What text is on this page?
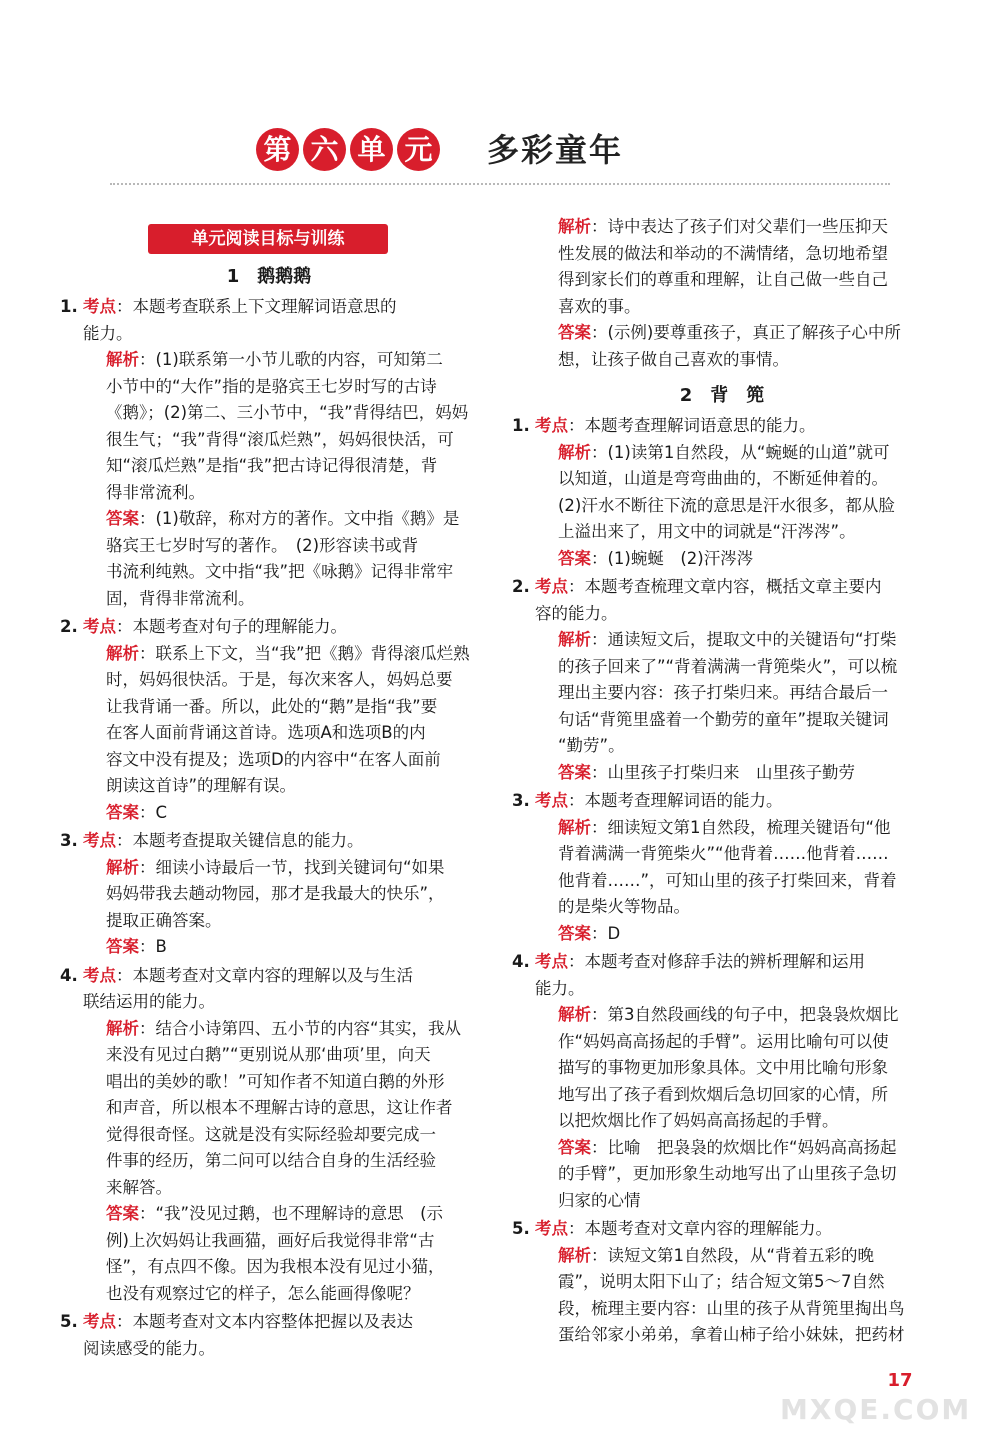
第 六 单 元 多彩童年
单元阅读目标与训练
1　鹅鹅鹅
1. 考点：本题考查联系上下文理解词语意思的
能力。
解析：(1)联系第一小节儿歌的内容，可知第二
小节中的“大作”指的是骆宾王七岁时写的古诗
《鹅》；(2)第二、三小节中，“我”背得结巴，妈妈
很生气；“我”背得“滚瓜烂熟”，妈妈很快活，可
知“滚瓜烂熟”是指“我”把古诗记得很清楚，背
得非常流利。
答案：(1)敬辞，称对方的著作。文中指《鹅》是
骆宾王七岁时写的著作。　(2)形容读书或背
书流利纯熟。文中指“我”把《咏鹅》记得非常牢
固，背得非常流利。
2. 考点：本题考查对句子的理解能力。
解析：联系上下文，当“我”把《鹅》背得滚瓜烂熟
时，妈妈很快活。于是，每次来客人，妈妈总要
让我背诵一番。所以，此处的“鹅”是指“我”要
在客人面前背诵这首诗。选项A和选项B的内
容文中没有提及；选项D的内容中“在客人面前
朗读这首诗”的理解有误。
答案：C
3. 考点：本题考查提取关键信息的能力。
解析：细读小诗最后一节，找到关键词句“如果
妈妈带我去趟动物园，那才是我最大的快乐”，
提取正确答案。
答案：B
4. 考点：本题考查对文章内容的理解以及与生活
联结运用的能力。
解析：结合小诗第四、五小节的内容“其实，我从
来没有见过白鹅”“更别说从那‘曲项’里，向天
唱出的美妙的歌！”可知作者不知道白鹅的外形
和声音，所以根本不理解古诗的意思，这让作者
觉得很奇怪。这就是没有实际经验却要完成一
件事的经历，第二问可以结合自身的生活经验
来解答。
答案：“我”没见过鹅，也不理解诗的意思　(示
例)上次妈妈让我画猫，画好后我觉得非常“古
怪”，有点四不像。因为我根本没有见过小猫，
也没有观察过它的样子，怎么能画得像呢？
5. 考点：本题考查对文本内容整体把握以及表达
阅读感受的能力。
解析：诗中表达了孩子们对父辈们一些压抑天
性发展的做法和举动的不满情绪，急切地希望
得到家长们的尊重和理解，让自己做一些自己
喜欢的事。
答案：(示例)要尊重孩子，真正了解孩子心中所
想，让孩子做自己喜欢的事情。
2　背　篼
1. 考点：本题考查理解词语意思的能力。
解析：(1)读第1自然段，从“蜿蜒的山道”就可
以知道，山道是弯弯曲曲的，不断延伸着的。
(2)汗水不断往下流的意思是汗水很多，都从脸
上溢出来了，用文中的词就是“汗涔涔”。
答案：(1)蜿蜒　(2)汗涔涔
2. 考点：本题考查梳理文章内容，概括文章主要内
容的能力。
解析：通读短文后，提取文中的关键语句“打柴
的孩子回来了”“背着满满一背篼柴火”，可以梳
理出主要内容：孩子打柴归来。再结合最后一
句话“背篼里盛着一个勤劳的童年”提取关键词
“勤劳”。
答案：山里孩子打柴归来　山里孩子勤劳
3. 考点：本题考查理解词语的能力。
解析：细读短文第1自然段，梳理关键语句“他
背着满满一背篼柴火”“他背着……他背着……
他背着……”，可知山里的孩子打柴回来，背着
的是柴火等物品。
答案：D
4. 考点：本题考查对修辞手法的辨析理解和运用
能力。
解析：第3自然段画线的句子中，把袅袅炊烟比
作“妈妈高高扬起的手臂”。运用比喻句可以使
描写的事物更加形象具体。文中用比喻句形象
地写出了孩子看到炊烟后急切回家的心情，所
以把炊烟比作了妈妈高高扬起的手臂。
答案：比喻　把袅袅的炊烟比作“妈妈高高扬起
的手臂”，更加形象生动地写出了山里孩子急切
归家的心情
5. 考点：本题考查对文章内容的理解能力。
解析：读短文第1自然段，从“背着五彩的晚
霞”，说明太阳下山了；结合短文第5～7自然
段，梳理主要内容：山里的孩子从背篼里掏出鸟
蛋给邻家小弟弟，拿着山柿子给小妹妹，把药材
17
MXQE.COM
